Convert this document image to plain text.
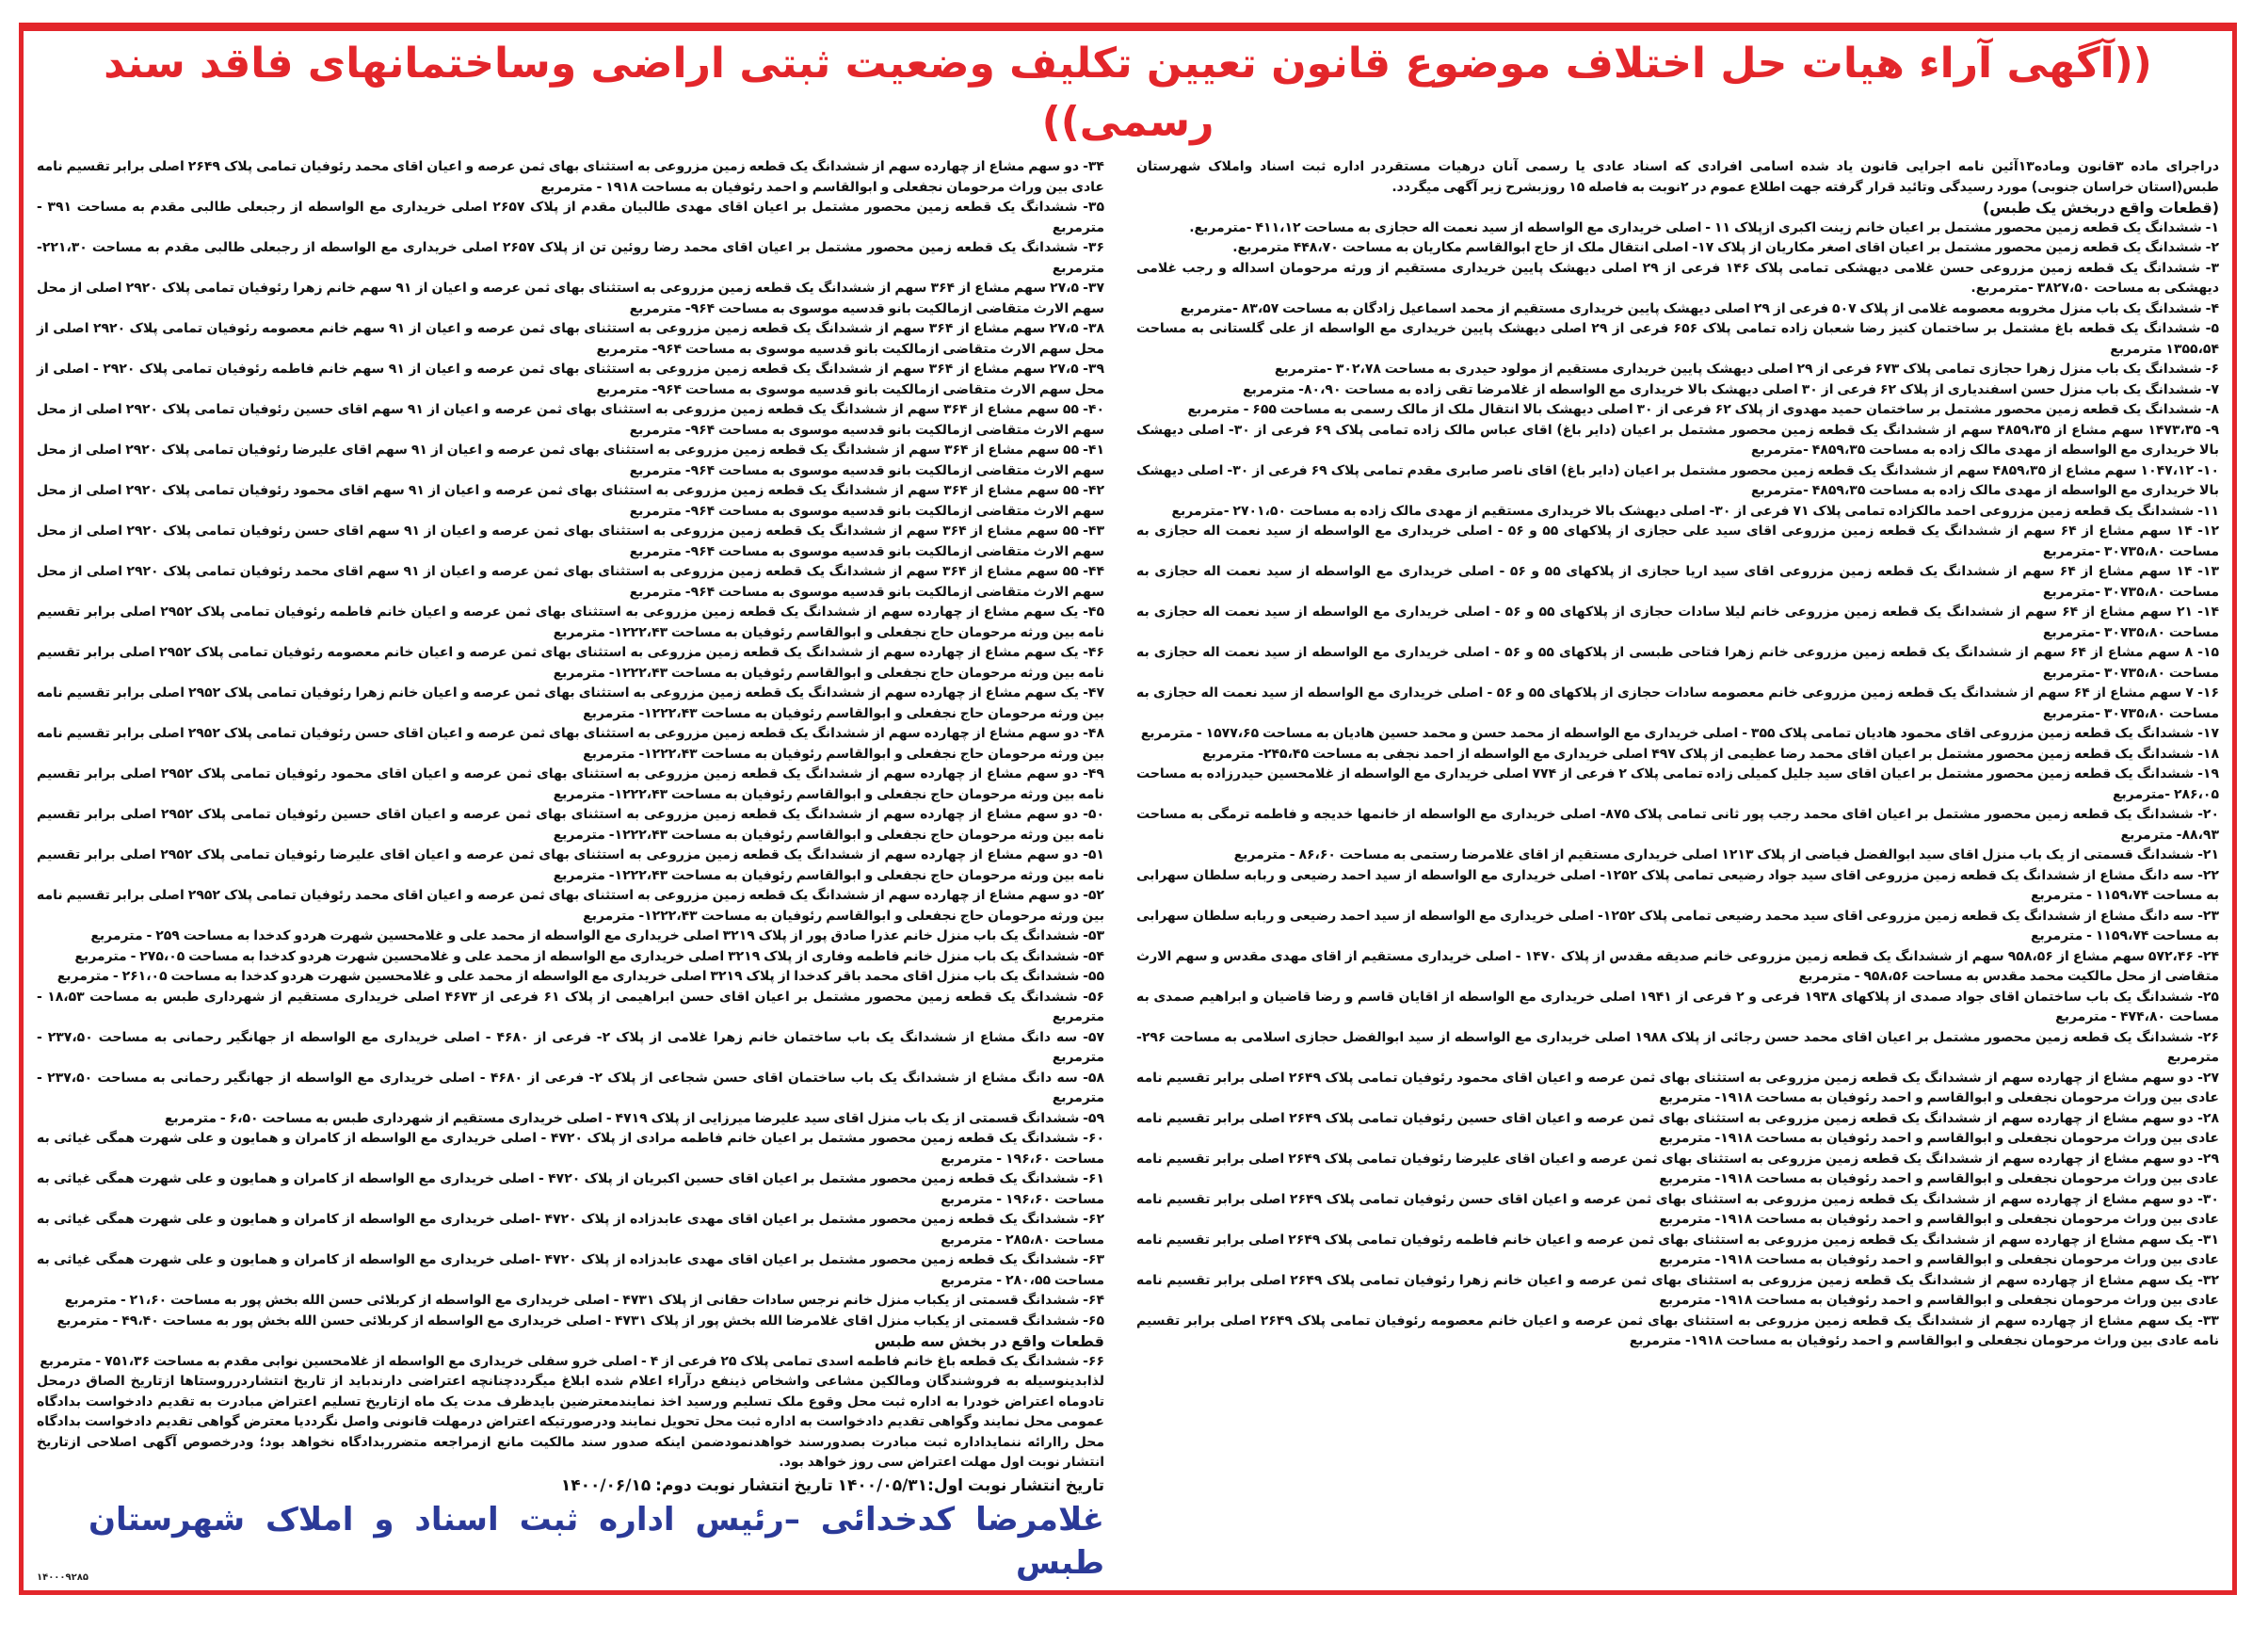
((آگهی آراء هیات حل اختلاف موضوع قانون تعیین تکلیف وضعیت ثبتی اراضی وساختمانهای فاقد سند رسمی))
دراجرای ماده ۳قانون وماده۱۳آئین نامه اجرایی قانون یاد شده اسامی افرادی که اسناد عادی یا رسمی آنان درهیات مستقردر اداره ثبت اسناد واملاک شهرستان طبس(استان خراسان جنوبی) مورد رسیدگی وتائید قرار گرفته جهت اطلاع عموم در ۲نوبت به فاصله ۱۵ روزبشرح زیر آگهی میگردد.
(قطعات واقع دربخش یک طبس)
۱- ششدانگ یک قطعه زمین محصور مشتمل بر اعیان خانم زینت اکبری ازپلاک ۱۱ - اصلی خریداری مع الواسطه از سید نعمت اله حجازی به مساحت ۴۱۱،۱۲ -مترمربع.
۲- ششدانگ یک قطعه زمین محصور مشتمل بر اعیان اقای اصغر مکاریان از پلاک ۱۷- اصلی انتقال ملک از حاج ابوالقاسم مکاریان به مساحت ۴۴۸،۷۰ مترمربع.
۳- ششدانگ یک قطعه زمین مزروعی حسن غلامی دیهشکی تمامی پلاک ۱۴۶ فرعی از ۲۹ اصلی دیهشک پایین خریداری مستقیم از ورثه مرحومان اسداله و رجب غلامی دیهشکی به مساحت ۳۸۲۷،۵۰ -مترمربع.
۴- ششدانگ یک باب منزل مخروبه معصومه غلامی از پلاک ۵۰۷ فرعی از ۲۹ اصلی دیهشک پایین خریداری مستقیم از محمد اسماعیل زادگان به مساحت ۸۳،۵۷ -مترمربع
۵- ششدانگ یک قطعه باغ مشتمل بر ساختمان کنیز رضا شعبان زاده تمامی پلاک ۶۵۶ فرعی از ۲۹ اصلی دیهشک پایین خریداری مع الواسطه از علی گلستانی به مساحت ۱۳۵۵،۵۴ مترمربع
۶- ششدانگ یک باب منزل زهرا حجازی تمامی پلاک ۶۷۳ فرعی از ۲۹ اصلی دیهشک پایین خریداری مستقیم از مولود حیدری به مساحت ۳۰۲،۷۸ -مترمربع
۷- ششدانگ یک باب منزل حسن اسفندیاری از پلاک ۶۲ فرعی از ۳۰ اصلی دیهشک بالا خریداری مع الواسطه از غلامرضا تقی زاده به مساحت ۸۰،۹۰- مترمربع
۸- ششدانگ یک قطعه زمین محصور مشتمل بر ساختمان حمید مهدوی از پلاک ۶۲ فرعی از ۳۰ اصلی دیهشک بالا انتقال ملک از مالک رسمی به مساحت ۶۵۵ - مترمربع
۹- ۱۴۷۳،۳۵ سهم مشاع از ۴۸۵۹،۳۵ سهم از ششدانگ یک قطعه زمین محصور مشتمل بر اعیان (دایر باغ) اقای عباس مالک زاده تمامی پلاک ۶۹ فرعی از ۳۰- اصلی دیهشک بالا خریداری مع الواسطه از مهدی مالک زاده به مساحت ۴۸۵۹،۳۵ -مترمربع
۱۰- ۱۰۴۷،۱۲ سهم مشاع از ۴۸۵۹،۳۵ سهم از ششدانگ یک قطعه زمین محصور مشتمل بر اعیان (دایر باغ) اقای ناصر صابری مقدم تمامی پلاک ۶۹ فرعی از ۳۰- اصلی دیهشک بالا خریداری مع الواسطه از مهدی مالک زاده به مساحت ۴۸۵۹،۳۵ -مترمربع
۱۱- ششدانگ یک قطعه زمین مزروعی احمد مالکزاده تمامی پلاک ۷۱ فرعی از ۳۰- اصلی دیهشک بالا خریداری مستقیم از مهدی مالک زاده به مساحت ۲۷۰۱،۵۰ -مترمربع
۱۲- ۱۴ سهم مشاع از ۶۴ سهم از ششدانگ یک قطعه زمین مزروعی اقای سید علی حجازی از پلاکهای ۵۵ و ۵۶ - اصلی خریداری مع الواسطه از سید نعمت اله حجازی به مساحت ۳۰۷۳۵،۸۰ -مترمربع
۱۳- ۱۴ سهم مشاع از ۶۴ سهم از ششدانگ یک قطعه زمین مزروعی اقای سید اریا حجازی از پلاکهای ۵۵ و ۵۶ - اصلی خریداری مع الواسطه از سید نعمت اله حجازی به مساحت ۳۰۷۳۵،۸۰ -مترمربع
۱۴- ۲۱ سهم مشاع از ۶۴ سهم از ششدانگ یک قطعه زمین مزروعی خانم لیلا سادات حجازی از پلاکهای ۵۵ و ۵۶ - اصلی خریداری مع الواسطه از سید نعمت اله حجازی به مساحت ۳۰۷۳۵،۸۰ -مترمربع
۱۵- ۸ سهم مشاع از ۶۴ سهم از ششدانگ یک قطعه زمین مزروعی خانم زهرا فتاحی طبسی از پلاکهای ۵۵ و ۵۶ - اصلی خریداری مع الواسطه از سید نعمت اله حجازی به مساحت ۳۰۷۳۵،۸۰ -مترمربع
۱۶- ۷ سهم مشاع از ۶۴ سهم از ششدانگ یک قطعه زمین مزروعی خانم معصومه سادات حجازی از پلاکهای ۵۵ و ۵۶ - اصلی خریداری مع الواسطه از سید نعمت اله حجازی به مساحت ۳۰۷۳۵،۸۰ -مترمربع
۱۷- ششدانگ یک قطعه زمین مزروعی اقای محمود هادیان تمامی پلاک ۳۵۵ - اصلی خریداری مع الواسطه از محمد حسن و محمد حسین هادیان به مساحت ۱۵۷۷،۶۵ - مترمربع
۱۸- ششدانگ یک قطعه زمین محصور مشتمل بر اعیان اقای محمد رضا عظیمی از پلاک ۴۹۷ اصلی خریداری مع الواسطه از احمد نجفی به مساحت ۲۴۵،۴۵- مترمربع
۱۹- ششدانگ یک قطعه زمین محصور مشتمل بر اعیان اقای سید جلیل کمیلی زاده تمامی پلاک ۲ فرعی از ۷۷۴ اصلی خریداری مع الواسطه از غلامحسین حیدرزاده به مساحت ۲۸۶،۰۵ -مترمربع
۲۰- ششدانگ یک قطعه زمین محصور مشتمل بر اعیان اقای محمد رجب پور ثانی تمامی پلاک ۸۷۵- اصلی خریداری مع الواسطه از خانمها خدیجه و فاطمه ترمگی به مساحت ۸۸،۹۳- مترمربع
۲۱- ششدانگ قسمتی از یک باب منزل اقای سید ابوالفضل فیاضی از پلاک ۱۲۱۳ اصلی خریداری مستقیم از اقای غلامرضا رستمی به مساحت ۸۶،۶۰ - مترمربع
۲۲- سه دانگ مشاع از ششدانگ یک قطعه زمین مزروعی اقای سید جواد رضیعی تمامی پلاک ۱۲۵۲- اصلی خریداری مع الواسطه از سید احمد رضیعی و ربابه سلطان سهرابی به مساحت ۱۱۵۹،۷۴ - مترمربع
۲۳- سه دانگ مشاع از ششدانگ یک قطعه زمین مزروعی اقای سید محمد رضیعی تمامی پلاک ۱۲۵۲- اصلی خریداری مع الواسطه از سید احمد رضیعی و ربابه سلطان سهرابی به مساحت ۱۱۵۹،۷۴ - مترمربع
۲۴- ۵۷۲،۴۶ سهم مشاع از ۹۵۸،۵۶ سهم از ششدانگ یک قطعه زمین مزروعی خانم صدیقه مقدس از پلاک ۱۴۷۰ - اصلی خریداری مستقیم از اقای مهدی مقدس و سهم الارث متقاضی از محل مالکیت محمد مقدس به مساحت ۹۵۸،۵۶ - مترمربع
۲۵- ششدانگ یک باب ساختمان اقای جواد صمدی از پلاکهای ۱۹۳۸ فرعی و ۲ فرعی از ۱۹۴۱ اصلی خریداری مع الواسطه از اقایان قاسم و رضا قاضیان و ابراهیم صمدی به مساحت ۴۷۴،۸۰ - مترمربع
۲۶- ششدانگ یک قطعه زمین محصور مشتمل بر اعیان اقای محمد حسن رجائی از پلاک ۱۹۸۸ اصلی خریداری مع الواسطه از سید ابوالفضل حجازی اسلامی به مساحت ۲۹۶- مترمربع
۲۷- دو سهم مشاع از چهارده سهم از ششدانگ یک قطعه زمین مزروعی به استثنای بهای ثمن عرصه و اعیان اقای محمود رئوفیان تمامی پلاک ۲۶۴۹ اصلی برابر تقسیم نامه عادی بین وراث مرحومان نجفعلی و ابوالقاسم و احمد رئوفیان به مساحت ۱۹۱۸- مترمربع
۲۸- دو سهم مشاع از چهارده سهم از ششدانگ یک قطعه زمین مزروعی به استثنای بهای ثمن عرصه و اعیان اقای حسین رئوفیان تمامی پلاک ۲۶۴۹ اصلی برابر تقسیم نامه عادی بین وراث مرحومان نجفعلی و ابوالقاسم و احمد رئوفیان به مساحت ۱۹۱۸- مترمربع
۲۹- دو سهم مشاع از چهارده سهم از ششدانگ یک قطعه زمین مزروعی به استثنای بهای ثمن عرصه و اعیان اقای علیرضا رئوفیان تمامی پلاک ۲۶۴۹ اصلی برابر تقسیم نامه عادی بین وراث مرحومان نجفعلی و ابوالقاسم و احمد رئوفیان به مساحت ۱۹۱۸- مترمربع
۳۰- دو سهم مشاع از چهارده سهم از ششدانگ یک قطعه زمین مزروعی به استثنای بهای ثمن عرصه و اعیان اقای حسن رئوفیان تمامی پلاک ۲۶۴۹ اصلی برابر تقسیم نامه عادی بین وراث مرحومان نجفعلی و ابوالقاسم و احمد رئوفیان به مساحت ۱۹۱۸- مترمربع
۳۱- یک سهم مشاع از چهارده سهم از ششدانگ یک قطعه زمین مزروعی به استثنای بهای ثمن عرصه و اعیان خانم فاطمه رئوفیان تمامی پلاک ۲۶۴۹ اصلی برابر تقسیم نامه عادی بین وراث مرحومان نجفعلی و ابوالقاسم و احمد رئوفیان به مساحت ۱۹۱۸- مترمربع
۳۲- یک سهم مشاع از چهارده سهم از ششدانگ یک قطعه زمین مزروعی به استثنای بهای ثمن عرصه و اعیان خانم زهرا رئوفیان تمامی پلاک ۲۶۴۹ اصلی برابر تقسیم نامه عادی بین وراث مرحومان نجفعلی و ابوالقاسم و احمد رئوفیان به مساحت ۱۹۱۸- مترمربع
۳۳- یک سهم مشاع از چهارده سهم از ششدانگ یک قطعه زمین مزروعی به استثنای بهای ثمن عرصه و اعیان خانم معصومه رئوفیان تمامی پلاک ۲۶۴۹ اصلی برابر تقسیم نامه عادی بین وراث مرحومان نجفعلی و ابوالقاسم و احمد رئوفیان به مساحت ۱۹۱۸- مترمربع
۳۴- دو سهم مشاع از چهارده سهم از ششدانگ یک قطعه زمین مزروعی به استثنای بهای ثمن عرصه و اعیان اقای محمد رئوفیان تمامی پلاک ۲۶۴۹ اصلی برابر تقسیم نامه عادی بین وراث مرحومان نجفعلی و ابوالقاسم و احمد رئوفیان به مساحت ۱۹۱۸ - مترمربع
۳۵- ششدانگ یک قطعه زمین محصور مشتمل بر اعیان اقای مهدی طالبیان مقدم از پلاک ۲۶۵۷ اصلی خریداری مع الواسطه از رجبعلی طالبی مقدم به مساحت ۳۹۱ - مترمربع
۳۶- ششدانگ یک قطعه زمین محصور مشتمل بر اعیان اقای محمد رضا روئین تن از پلاک ۲۶۵۷ اصلی خریداری مع الواسطه از رجبعلی طالبی مقدم به مساحت ۲۲۱،۳۰- مترمربع
۳۷- ۲۷،۵ سهم مشاع از ۳۶۴ سهم از ششدانگ یک قطعه زمین مزروعی به استثنای بهای ثمن عرصه و اعیان از ۹۱ سهم خانم زهرا رئوفیان تمامی پلاک ۲۹۲۰ اصلی از محل سهم الارث متقاضی ازمالکیت بانو قدسیه موسوی به مساحت ۹۶۴- مترمربع
۳۸- ۲۷،۵ سهم مشاع از ۳۶۴ سهم از ششدانگ یک قطعه زمین مزروعی به استثنای بهای ثمن عرصه و اعیان از ۹۱ سهم خانم معصومه رئوفیان تمامی پلاک ۲۹۲۰ اصلی از محل سهم الارث متقاضی ازمالکیت بانو قدسیه موسوی به مساحت ۹۶۴- مترمربع
۳۹- ۲۷،۵ سهم مشاع از ۳۶۴ سهم از ششدانگ یک قطعه زمین مزروعی به استثنای بهای ثمن عرصه و اعیان از ۹۱ سهم خانم فاطمه رئوفیان تمامی پلاک ۲۹۲۰ - اصلی از محل سهم الارث متقاضی ازمالکیت بانو قدسیه موسوی به مساحت ۹۶۴- مترمربع
۴۰- ۵۵ سهم مشاع از ۳۶۴ سهم از ششدانگ یک قطعه زمین مزروعی به استثنای بهای ثمن عرصه و اعیان از ۹۱ سهم اقای حسین رئوفیان تمامی پلاک ۲۹۲۰ اصلی از محل سهم الارث متقاضی ازمالکیت بانو قدسیه موسوی به مساحت ۹۶۴- مترمربع
۴۱- ۵۵ سهم مشاع از ۳۶۴ سهم از ششدانگ یک قطعه زمین مزروعی به استثنای بهای ثمن عرصه و اعیان از ۹۱ سهم اقای علیرضا رئوفیان تمامی پلاک ۲۹۲۰ اصلی از محل سهم الارث متقاضی ازمالکیت بانو قدسیه موسوی به مساحت ۹۶۴- مترمربع
۴۲- ۵۵ سهم مشاع از ۳۶۴ سهم از ششدانگ یک قطعه زمین مزروعی به استثنای بهای ثمن عرصه و اعیان از ۹۱ سهم اقای محمود رئوفیان تمامی پلاک ۲۹۲۰ اصلی از محل سهم الارث متقاضی ازمالکیت بانو قدسیه موسوی به مساحت ۹۶۴- مترمربع
۴۳- ۵۵ سهم مشاع از ۳۶۴ سهم از ششدانگ یک قطعه زمین مزروعی به استثنای بهای ثمن عرصه و اعیان از ۹۱ سهم اقای حسن رئوفیان تمامی پلاک ۲۹۲۰ اصلی از محل سهم الارث متقاضی ازمالکیت بانو قدسیه موسوی به مساحت ۹۶۴- مترمربع
۴۴- ۵۵ سهم مشاع از ۳۶۴ سهم از ششدانگ یک قطعه زمین مزروعی به استثنای بهای ثمن عرصه و اعیان از ۹۱ سهم اقای محمد رئوفیان تمامی پلاک ۲۹۲۰ اصلی از محل سهم الارث متقاضی ازمالکیت بانو قدسیه موسوی به مساحت ۹۶۴- مترمربع
۴۵- یک سهم مشاع از چهارده سهم از ششدانگ یک قطعه زمین مزروعی به استثنای بهای ثمن عرصه و اعیان خانم فاطمه رئوفیان تمامی پلاک ۲۹۵۲ اصلی برابر تقسیم نامه بین ورثه مرحومان حاج نجفعلی و ابوالقاسم رئوفیان به مساحت ۱۲۲۲،۴۳- مترمربع
۴۶- یک سهم مشاع از چهارده سهم از ششدانگ یک قطعه زمین مزروعی به استثنای بهای ثمن عرصه و اعیان خانم معصومه رئوفیان تمامی پلاک ۲۹۵۲ اصلی برابر تقسیم نامه بین ورثه مرحومان حاج نجفعلی و ابوالقاسم رئوفیان به مساحت ۱۲۲۲،۴۳- مترمربع
۴۷- یک سهم مشاع از چهارده سهم از ششدانگ یک قطعه زمین مزروعی به استثنای بهای ثمن عرصه و اعیان خانم زهرا رئوفیان تمامی پلاک ۲۹۵۲ اصلی برابر تقسیم نامه بین ورثه مرحومان حاج نجفعلی و ابوالقاسم رئوفیان به مساحت ۱۲۲۲،۴۳- مترمربع
۴۸- دو سهم مشاع از چهارده سهم از ششدانگ یک قطعه زمین مزروعی به استثنای بهای ثمن عرصه و اعیان اقای حسن رئوفیان تمامی پلاک ۲۹۵۲ اصلی برابر تقسیم نامه بین ورثه مرحومان حاج نجفعلی و ابوالقاسم رئوفیان به مساحت ۱۲۲۲،۴۳- مترمربع
۴۹- دو سهم مشاع از چهارده سهم از ششدانگ یک قطعه زمین مزروعی به استثنای بهای ثمن عرصه و اعیان اقای محمود رئوفیان تمامی پلاک ۲۹۵۲ اصلی برابر تقسیم نامه بین ورثه مرحومان حاج نجفعلی و ابوالقاسم رئوفیان به مساحت ۱۲۲۲،۴۳- مترمربع
۵۰- دو سهم مشاع از چهارده سهم از ششدانگ یک قطعه زمین مزروعی به استثنای بهای ثمن عرصه و اعیان اقای حسین رئوفیان تمامی پلاک ۲۹۵۲ اصلی برابر تقسیم نامه بین ورثه مرحومان حاج نجفعلی و ابوالقاسم رئوفیان به مساحت ۱۲۲۲،۴۳- مترمربع
۵۱- دو سهم مشاع از چهارده سهم از ششدانگ یک قطعه زمین مزروعی به استثنای بهای ثمن عرصه و اعیان اقای علیرضا رئوفیان تمامی پلاک ۲۹۵۲ اصلی برابر تقسیم نامه بین ورثه مرحومان حاج نجفعلی و ابوالقاسم رئوفیان به مساحت ۱۲۲۲،۴۳- مترمربع
۵۲- دو سهم مشاع از چهارده سهم از ششدانگ یک قطعه زمین مزروعی به استثنای بهای ثمن عرصه و اعیان اقای محمد رئوفیان تمامی پلاک ۲۹۵۲ اصلی برابر تقسیم نامه بین ورثه مرحومان حاج نجفعلی و ابوالقاسم رئوفیان به مساحت ۱۲۲۲،۴۳- مترمربع
۵۳- ششدانگ یک باب منزل خانم عذرا صادق پور از پلاک ۳۲۱۹ اصلی خریداری مع الواسطه از محمد علی و غلامحسین شهرت هردو کدخدا به مساحت ۲۵۹ - مترمربع
۵۴- ششدانگ یک باب منزل خانم فاطمه وفاری از پلاک ۳۲۱۹ اصلی خریداری مع الواسطه از محمد علی و غلامحسین شهرت هردو کدخدا به مساحت ۲۷۵،۰۵ - مترمربع
۵۵- ششدانگ یک باب منزل اقای محمد باقر کدخدا از پلاک ۳۲۱۹ اصلی خریداری مع الواسطه از محمد علی و غلامحسین شهرت هردو کدخدا به مساحت ۲۶۱،۰۵ - مترمربع
۵۶- ششدانگ یک قطعه زمین محصور مشتمل بر اعیان اقای حسن ابراهیمی از پلاک ۶۱ فرعی از ۴۶۷۳ اصلی خریداری مستقیم از شهرداری طبس به مساحت ۱۸،۵۳ - مترمربع
۵۷- سه دانگ مشاع از ششدانگ یک باب ساختمان خانم زهرا غلامی از پلاک ۲- فرعی از ۴۶۸۰ - اصلی خریداری مع الواسطه از جهانگیر رحمانی به مساحت ۲۳۷،۵۰ - مترمربع
۵۸- سه دانگ مشاع از ششدانگ یک باب ساختمان اقای حسن شجاعی از پلاک ۲- فرعی از ۴۶۸۰ - اصلی خریداری مع الواسطه از جهانگیر رحمانی به مساحت ۲۳۷،۵۰ - مترمربع
۵۹- ششدانگ قسمتی از یک باب منزل اقای سید علیرضا میرزایی از پلاک ۴۷۱۹ - اصلی خریداری مستقیم از شهرداری طبس به مساحت ۶،۵۰ - مترمربع
۶۰- ششدانگ یک قطعه زمین محصور مشتمل بر اعیان خانم فاطمه مرادی از پلاک ۴۷۲۰ - اصلی خریداری مع الواسطه از کامران و همایون و علی شهرت همگی غیاثی به مساحت ۱۹۶،۶۰ - مترمربع
۶۱- ششدانگ یک قطعه زمین محصور مشتمل بر اعیان اقای حسین اکبریان از پلاک ۴۷۲۰ - اصلی خریداری مع الواسطه از کامران و همایون و علی شهرت همگی غیاثی به مساحت ۱۹۶،۶۰ - مترمربع
۶۲- ششدانگ یک قطعه زمین محصور مشتمل بر اعیان اقای مهدی عابدزاده از پلاک ۴۷۲۰ -اصلی خریداری مع الواسطه از کامران و همایون و علی شهرت همگی غیاثی به مساحت ۲۸۵،۸۰ - مترمربع
۶۳- ششدانگ یک قطعه زمین محصور مشتمل بر اعیان اقای مهدی عابدزاده از پلاک ۴۷۲۰ -اصلی خریداری مع الواسطه از کامران و همایون و علی شهرت همگی غیاثی به مساحت ۲۸۰،۵۵ - مترمربع
۶۴- ششدانگ قسمتی از یکباب منزل خانم نرجس سادات حقانی از پلاک ۴۷۳۱ - اصلی خریداری مع الواسطه از کربلائی حسن الله بخش پور به مساحت ۲۱،۶۰ - مترمربع
۶۵- ششدانگ قسمتی از یکباب منزل اقای غلامرضا الله بخش پور از پلاک ۴۷۳۱ - اصلی خریداری مع الواسطه از کربلائی حسن الله بخش پور به مساحت ۴۹،۴۰ - مترمربع
قطعات واقع در بخش سه طبس
۶۶- ششدانگ یک قطعه باغ خانم فاطمه اسدی تمامی پلاک ۲۵ فرعی از ۴ - اصلی خرو سفلی خریداری مع الواسطه از غلامحسین نوابی مقدم به مساحت ۷۵۱،۳۶ - مترمربع
لذابدینوسیله به فروشندگان ومالکین مشاعی واشخاص ذینفع درآراء اعلام شده ابلاغ میگرددچنانچه اعتراضی دارندباید از تاریخ انتشاردرروستاها ازتاریخ الصاق درمحل تادوماه اعتراض خودرا به اداره ثبت محل وقوع ملک تسلیم ورسید اخذ نمایندمعترضین بایدظرف مدت یک ماه ازتاریخ تسلیم اعتراض مبادرت به تقدیم دادخواست بدادگاه عمومی محل نمایند وگواهی تقدیم دادخواست به اداره ثبت محل تحویل نمایند ودرصورتیکه اعتراض درمهلت قانونی واصل نگرددیا معترض گواهی تقدیم دادخواست بدادگاه محل راارائه ننمایداداره ثبت مبادرت بصدورسند خواهدنمودضمن اینکه صدور سند مالکیت مانع ازمراجعه متضرربدادگاه نخواهد بود؛ ودرخصوص آگهی اصلاحی ازتاریخ انتشار نوبت اول مهلت اعتراض سی روز خواهد بود.
تاریخ انتشار نوبت اول:۱۴۰۰/۰۵/۳۱ تاریخ انتشار نوبت دوم: ۱۴۰۰/۰۶/۱۵
۱۴۰۰۰۹۲۸۵
غلامرضا کدخدائی –رئیس اداره ثبت اسناد و املاک شهرستان طبس
